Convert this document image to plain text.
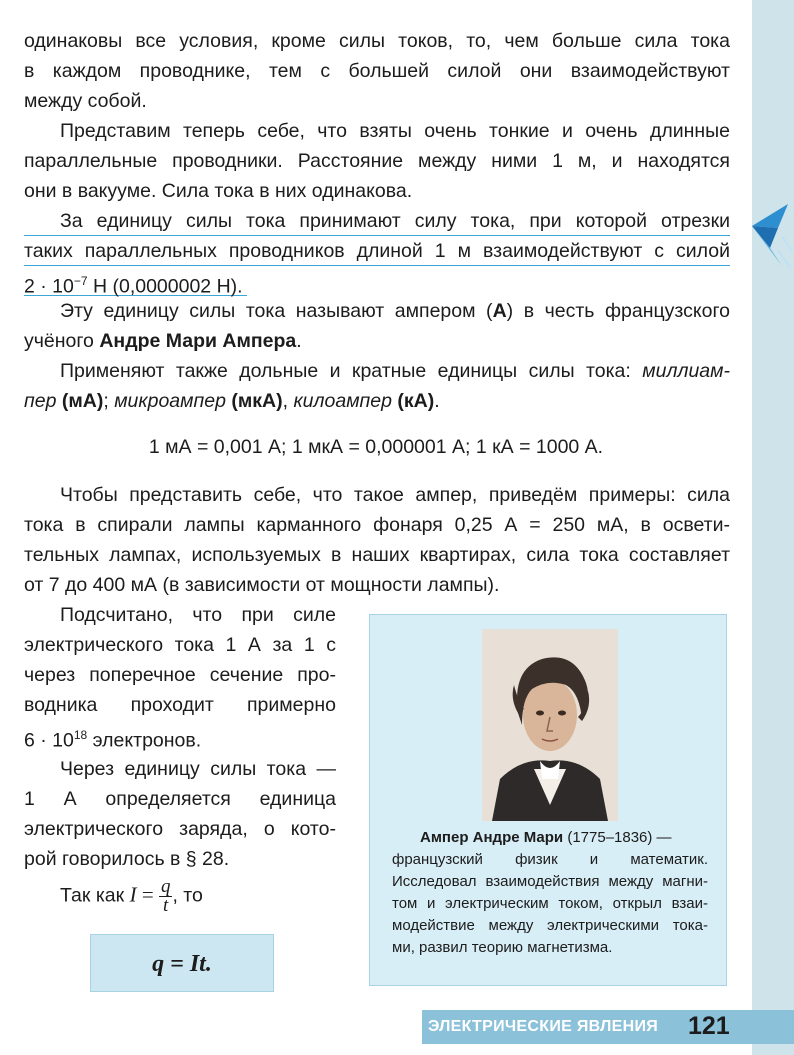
одинаковы все условия, кроме силы токов, то, чем больше сила тока
в каждом проводнике, тем с большей силой они взаимодействуют
между собой.
Представим теперь себе, что взяты очень тонкие и очень длинные
параллельные проводники. Расстояние между ними 1 м, и находятся
они в вакууме. Сила тока в них одинакова.
За единицу силы тока принимают силу тока, при которой отрезки
таких параллельных проводников длиной 1 м взаимодействуют с силой
$2 \cdot 10^{-7}$ Н (0,0000002 Н).
Эту единицу силы тока называют ампером (А) в честь французского
учёного Андре Мари Ампера.
Применяют также дольные и кратные единицы силы тока: миллиам-
пер (мА); микроампер (мкА), килоампер (кА).
1 мА = 0,001 А; 1 мкА = 0,000001 А; 1 кА = 1000 А.
Чтобы представить себе, что такое ампер, приведём примеры: сила
тока в спирали лампы карманного фонаря 0,25 А = 250 мА, в освети-
тельных лампах, используемых в наших квартирах, сила тока составляет
от 7 до 400 мА (в зависимости от мощности лампы).
Подсчитано, что при силе
электрического тока 1 А за 1 с
через поперечное сечение про-
водника проходит примерно
$6 \cdot 10^{18}$ электронов.
Через единицу силы тока —
1 А определяется единица
электрического заряда, о кото-
рой говорилось в § 28.
Так как $I = \frac{q}{t}$ , то
q = It.
Ампер Андре Мари (1775–1836) —
французский физик и математик.
Исследовал взаимодействия между магни-
том и электрическим током, открыл взаи-
модействие между электрическими тока-
ми, развил теорию магнетизма.
ЭЛЕКТРИЧЕСКИЕ ЯВЛЕНИЯ 121
